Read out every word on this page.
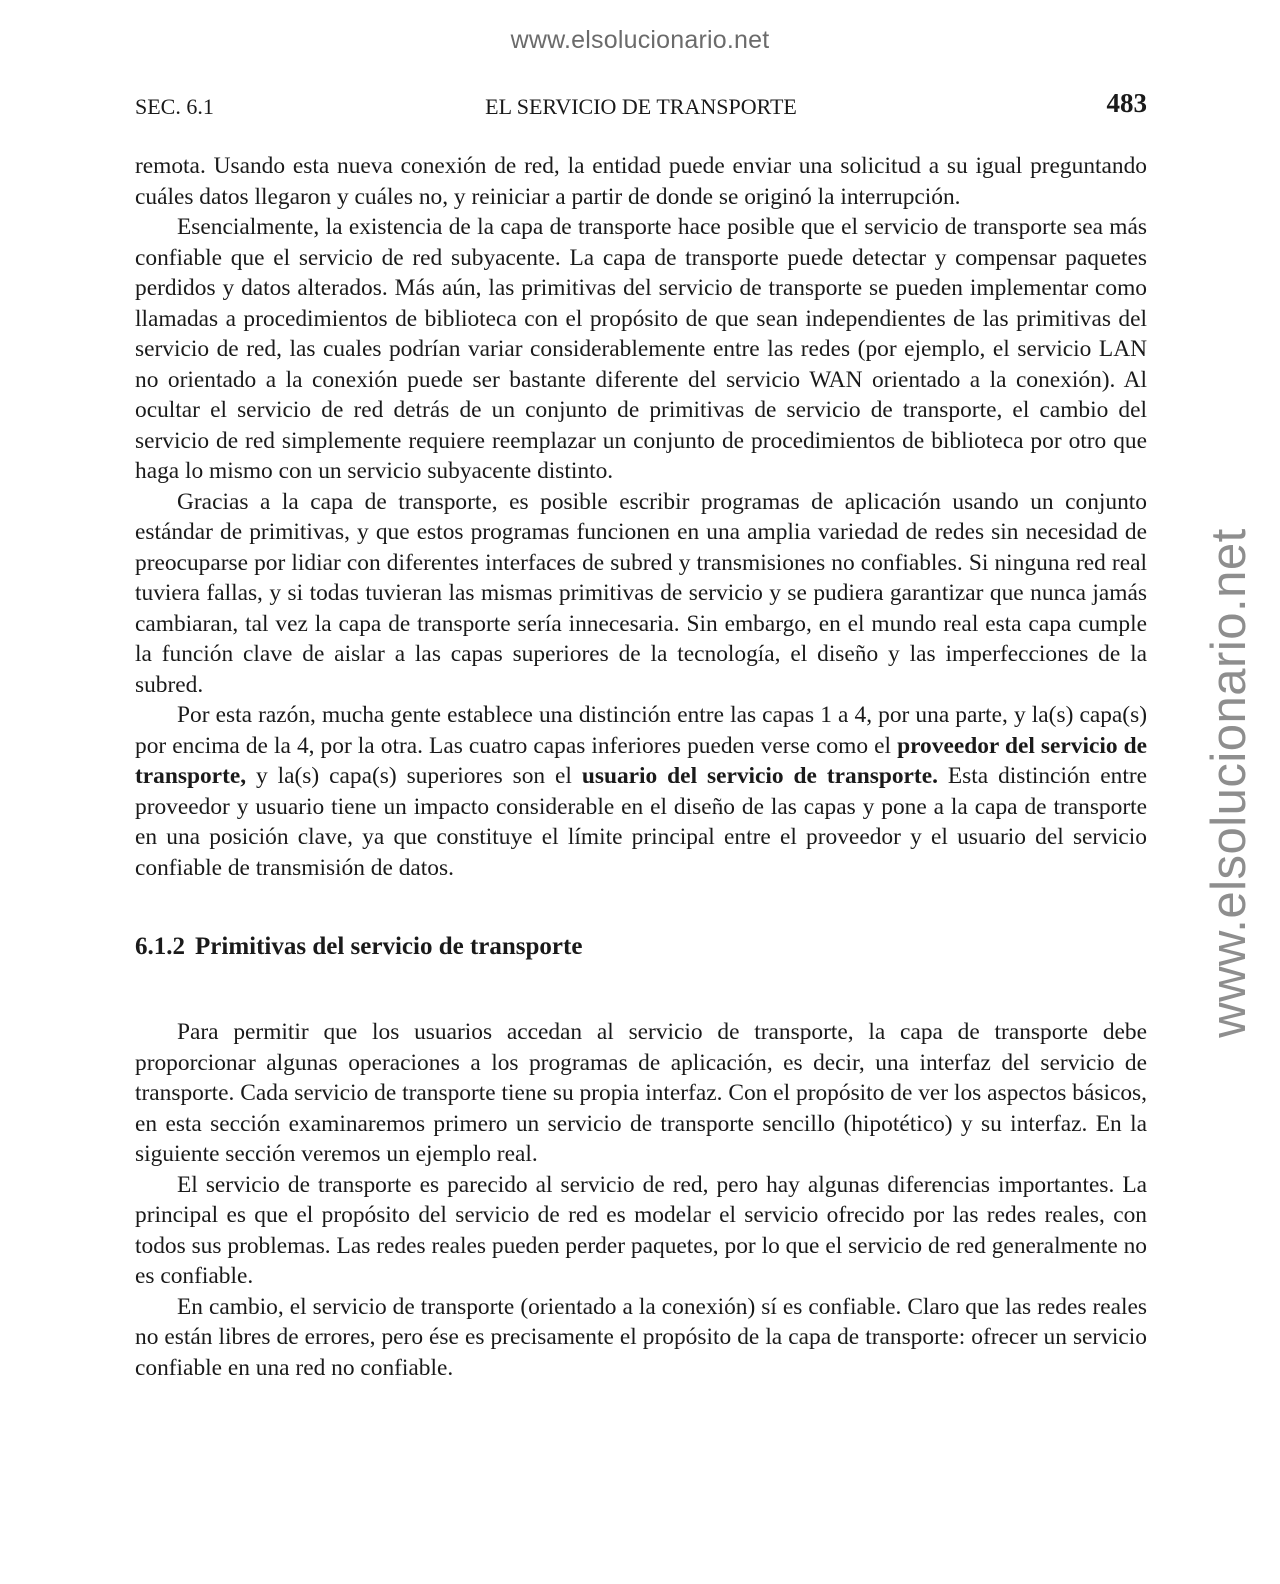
www.elsolucionario.net
www.elsolucionario.net
EL SERVICIO DE TRANSPORTE
SEC. 6.1	483

remota. Usando esta nueva conexión de red, la entidad puede enviar una solicitud a su igual preguntando cuáles datos llegaron y cuáles no, y reiniciar a partir de donde se originó la interrupción.

Esencialmente, la existencia de la capa de transporte hace posible que el servicio de transporte sea más confiable que el servicio de red subyacente. La capa de transporte puede detectar y compensar paquetes perdidos y datos alterados. Más aún, las primitivas del servicio de transporte se pueden implementar como llamadas a procedimientos de biblioteca con el propósito de que sean independientes de las primitivas del servicio de red, las cuales podrían variar considerablemente entre las redes (por ejemplo, el servicio LAN no orientado a la conexión puede ser bastante diferente del servicio WAN orientado a la conexión). Al ocultar el servicio de red detrás de un conjunto de primitivas de servicio de transporte, el cambio del servicio de red simplemente requiere reemplazar un conjunto de procedimientos de biblioteca por otro que haga lo mismo con un servicio subyacente distinto.

Gracias a la capa de transporte, es posible escribir programas de aplicación usando un conjunto estándar de primitivas, y que estos programas funcionen en una amplia variedad de redes sin necesidad de preocuparse por lidiar con diferentes interfaces de subred y transmisiones no confiables. Si ninguna red real tuviera fallas, y si todas tuvieran las mismas primitivas de servicio y se pudiera garantizar que nunca jamás cambiaran, tal vez la capa de transporte sería innecesaria. Sin embargo, en el mundo real esta capa cumple la función clave de aislar a las capas superiores de la tecnología, el diseño y las imperfecciones de la subred.

Por esta razón, mucha gente establece una distinción entre las capas 1 a 4, por una parte, y la(s) capa(s) por encima de la 4, por la otra. Las cuatro capas inferiores pueden verse como el proveedor del servicio de transporte, y la(s) capa(s) superiores son el usuario del servicio de transporte. Esta distinción entre proveedor y usuario tiene un impacto considerable en el diseño de las capas y pone a la capa de transporte en una posición clave, ya que constituye el límite principal entre el proveedor y el usuario del servicio confiable de transmisión de datos.

6.1.2 Primitivas del servicio de transporte

Para permitir que los usuarios accedan al servicio de transporte, la capa de transporte debe proporcionar algunas operaciones a los programas de aplicación, es decir, una interfaz del servicio de transporte. Cada servicio de transporte tiene su propia interfaz. Con el propósito de ver los aspectos básicos, en esta sección examinaremos primero un servicio de transporte sencillo (hipotético) y su interfaz. En la siguiente sección veremos un ejemplo real.

El servicio de transporte es parecido al servicio de red, pero hay algunas diferencias importantes. La principal es que el propósito del servicio de red es modelar el servicio ofrecido por las redes reales, con todos sus problemas. Las redes reales pueden perder paquetes, por lo que el servicio de red generalmente no es confiable.

En cambio, el servicio de transporte (orientado a la conexión) sí es confiable. Claro que las redes reales no están libres de errores, pero ése es precisamente el propósito de la capa de transporte: ofrecer un servicio confiable en una red no confiable.
